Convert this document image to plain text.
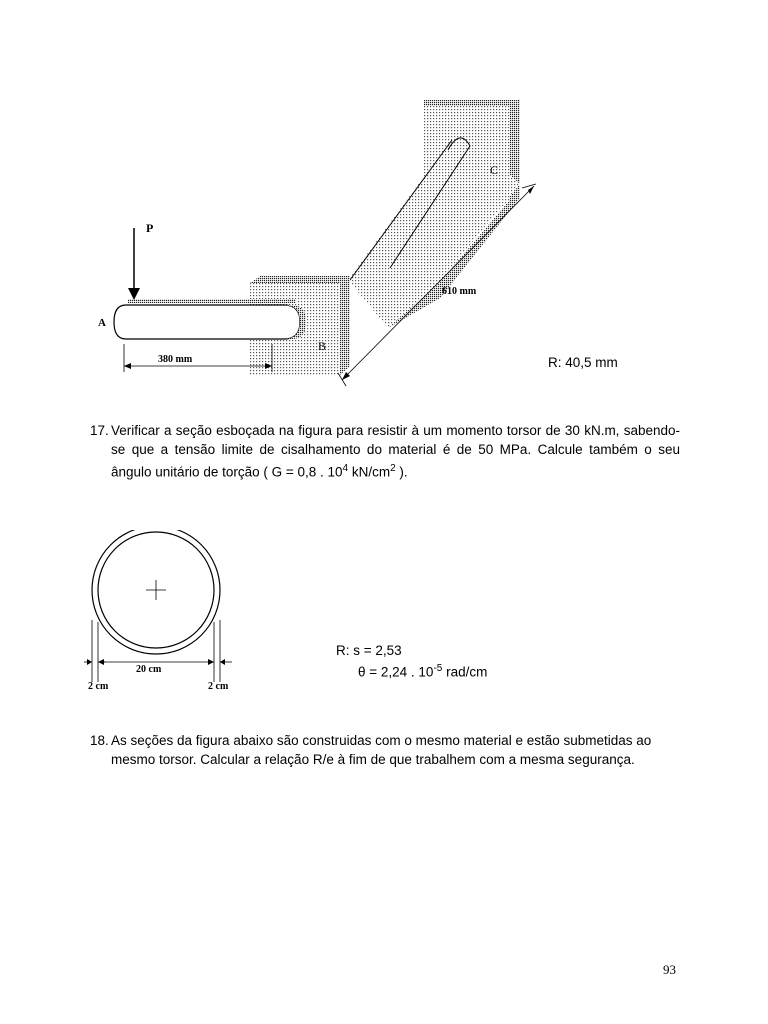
P
A
B
C
380 mm
610 mm
R: 40,5 mm
17. Verificar a seção esboçada na figura para resistir à um momento torsor de 30 kN.m, sabendo-se que a tensão limite de cisalhamento do material é de 50 MPa. Calcule também o seu ângulo unitário de torção ( G = 0,8 . $10^4$ $kN/cm^2$ ).
20 cm
2 cm	2 cm
R: s = 2,53
θ = 2,24 . $10^{-5}$ rad/cm
18. As seções da figura abaixo são construidas com o mesmo material e estão submetidas ao mesmo torsor. Calcular a relação R/e à fim de que trabalhem com a mesma segurança.
93
